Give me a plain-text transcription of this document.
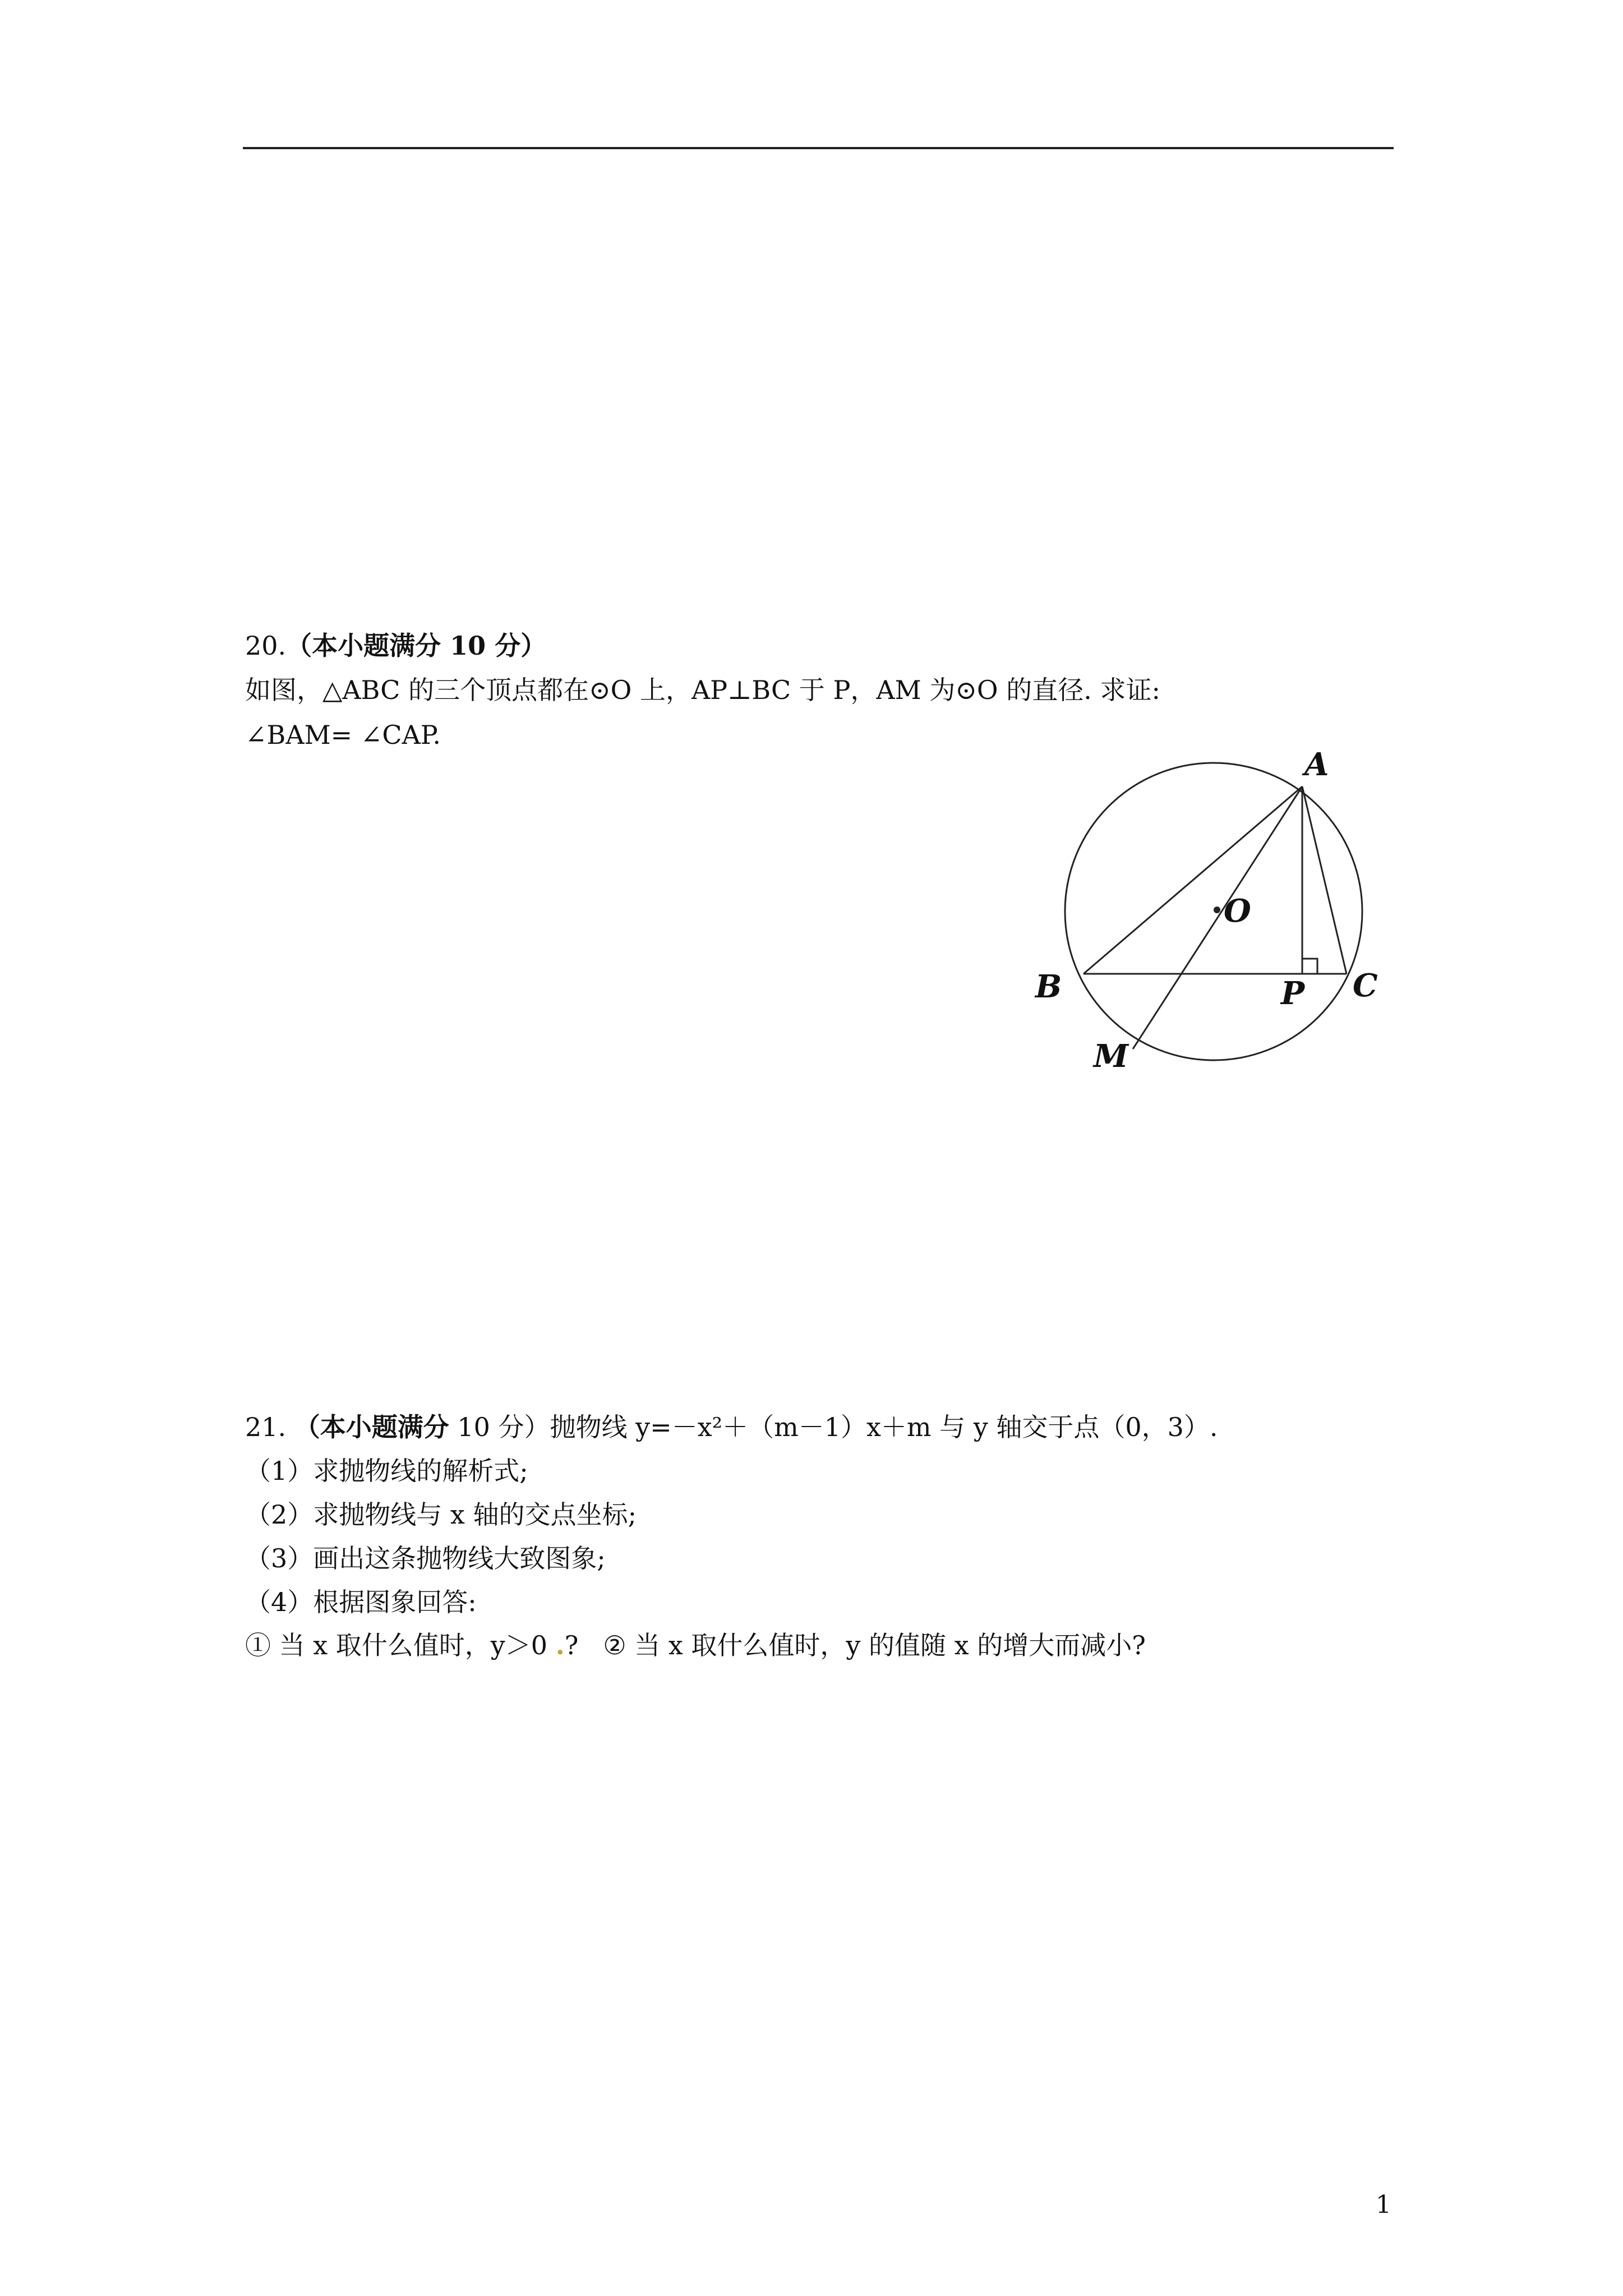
20.（本小题满分 10 分）
如图，△ABC 的三个顶点都在⊙O 上，AP⊥BC 于 P，AM 为⊙O 的直径. 求证:
∠BAM= ∠CAP.
A
O
B	P C
M
21. （本小题满分 10 分）抛物线 y=－x²＋（m－1）x＋m 与 y 轴交于点（0，3）.
（1）求抛物线的解析式;
（2）求抛物线与 x 轴的交点坐标;
（3）画出这条抛物线大致图象;
（4）根据图象回答:
① 当 x 取什么值时，y＞0 .? ② 当 x 取什么值时，y 的值随 x 的增大而减小?
1
